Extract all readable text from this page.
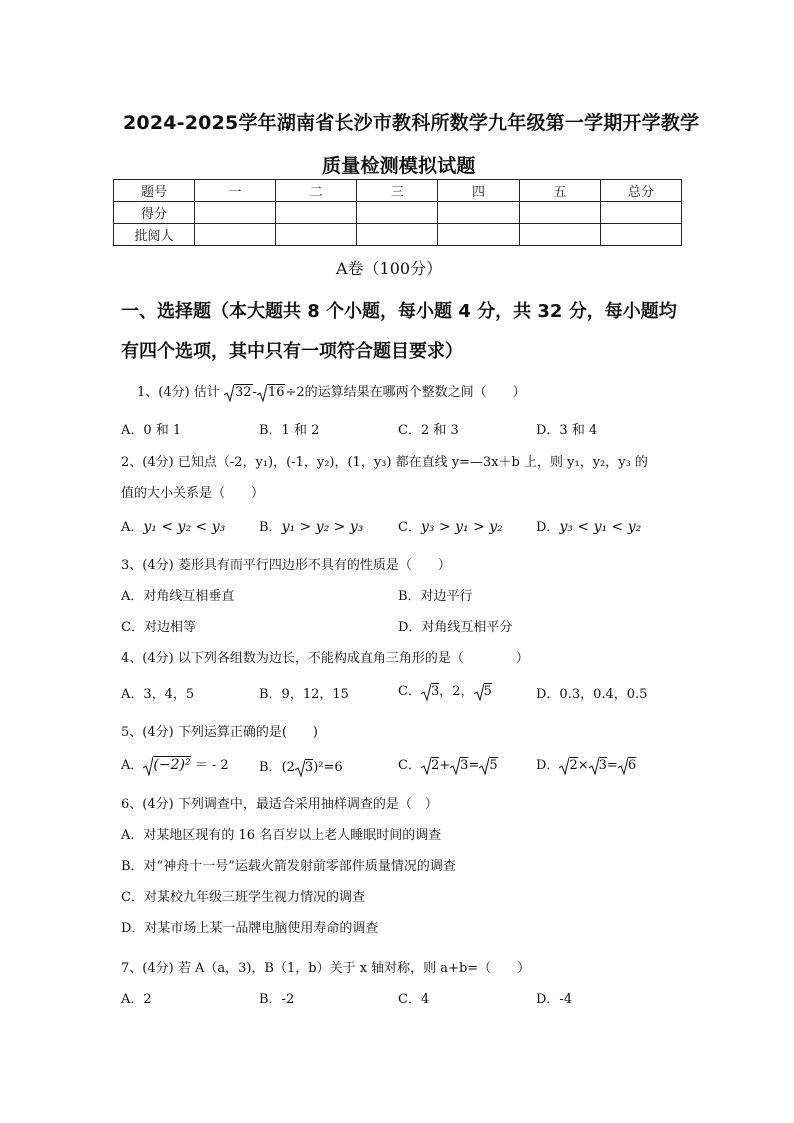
2024-2025学年湖南省长沙市教科所数学九年级第一学期开学教学
质量检测模拟试题
题号	一	二	三	四	五	总分
得分						
批阅人						
A卷（100分）
一、选择题（本大题共 8 个小题，每小题 4 分，共 32 分，每小题均
有四个选项，其中只有一项符合题目要求）
1、(4分) 估计 32- 16÷2的运算结果在哪两个整数之间（　　）
A．0 和 1	B．1 和 2	C．2 和 3	D．3 和 4
2、(4分) 已知点（-2，y₁)，(-1，y₂)，(1，y₃) 都在直线 y=—3x＋b 上，则 y₁，y₂，y₃ 的
值的大小关系是（　　）
A．y₁ < y₂ < y₃	B．y₁ > y₂ > y₃	C．y₃ > y₁ > y₂	D．y₃ < y₁ < y₂
3、(4分) 菱形具有而平行四边形不具有的性质是（　　）
A．对角线互相垂直	B．对边平行
C．对边相等	D．对角线互相平分
4、(4分) 以下列各组数为边长，不能构成直角三角形的是（　　　　）
A．3，4，5	B．9，12，15	C． 3，2， 5	D．0.3，0.4，0.5
5、(4分) 下列运算正确的是(　　)
A． (−2)² ＝ - 2 B．(2 3)²=6	C． 2+ 3= 5	D． 2× 3= 6
6、(4分) 下列调查中，最适合采用抽样调查的是（　）
A．对某地区现有的 16 名百岁以上老人睡眠时间的调查
B．对“神舟十一号”运载火箭发射前零部件质量情况的调查
C．对某校九年级三班学生视力情况的调查
D．对某市场上某一品牌电脑使用寿命的调查
7、(4分) 若 A（a，3)，B（1，b）关于 x 轴对称，则 a+b=（　　）
A．2	B．-2	C．4	D．-4
